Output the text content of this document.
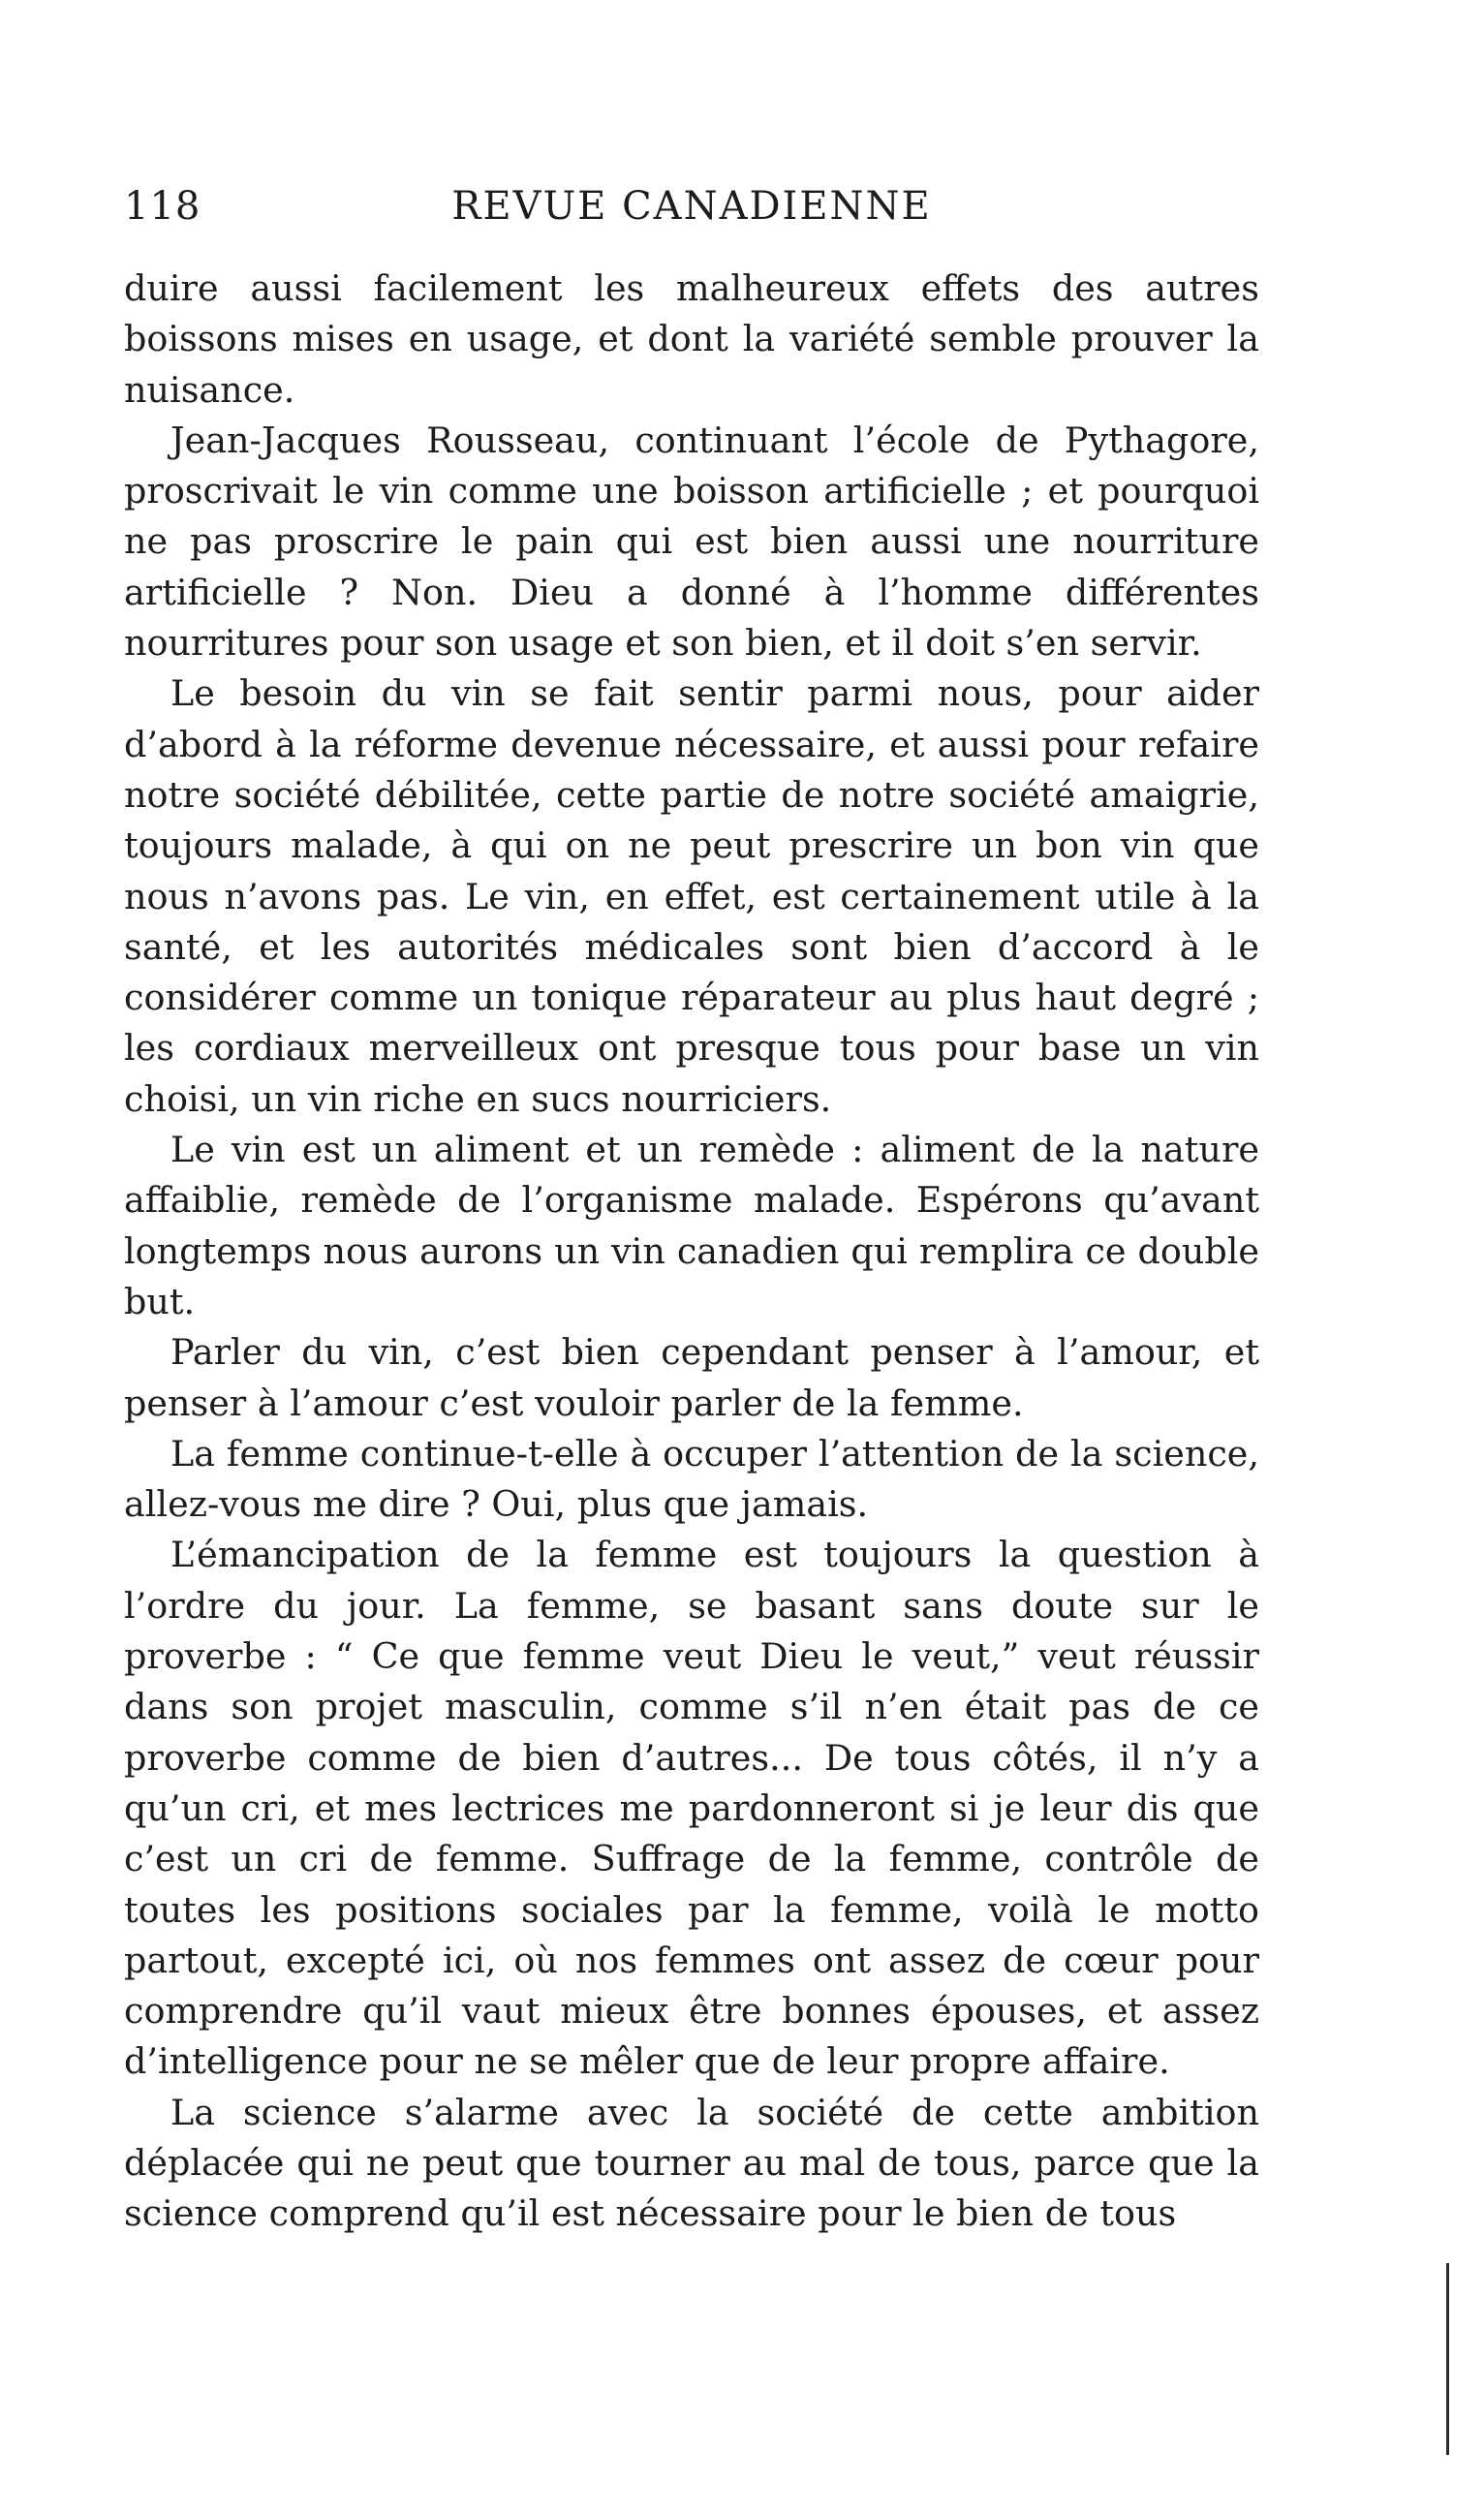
118	REVUE CANADIENNE

duire aussi facilement les malheureux effets des autres boissons mises en usage, et dont la variété semble prouver la nuisance.

Jean-Jacques Rousseau, continuant l’école de Pythagore, proscrivait le vin comme une boisson artificielle ; et pourquoi ne pas proscrire le pain qui est bien aussi une nourriture artificielle ? Non. Dieu a donné à l’homme différentes nourritures pour son usage et son bien, et il doit s’en servir.

Le besoin du vin se fait sentir parmi nous, pour aider d’abord à la réforme devenue nécessaire, et aussi pour refaire notre société débilitée, cette partie de notre société amaigrie, toujours malade, à qui on ne peut prescrire un bon vin que nous n’avons pas. Le vin, en effet, est certainement utile à la santé, et les autorités médicales sont bien d’accord à le considérer comme un tonique réparateur au plus haut degré ; les cordiaux merveilleux ont presque tous pour base un vin choisi, un vin riche en sucs nourriciers.

Le vin est un aliment et un remède : aliment de la nature affaiblie, remède de l’organisme malade. Espérons qu’avant longtemps nous aurons un vin canadien qui remplira ce double but.

Parler du vin, c’est bien cependant penser à l’amour, et penser à l’amour c’est vouloir parler de la femme.

La femme continue-t-elle à occuper l’attention de la science, allez-vous me dire ? Oui, plus que jamais.

L’émancipation de la femme est toujours la question à l’ordre du jour. La femme, se basant sans doute sur le proverbe : “ Ce que femme veut Dieu le veut,” veut réussir dans son projet masculin, comme s’il n’en était pas de ce proverbe comme de bien d’autres... De tous côtés, il n’y a qu’un cri, et mes lectrices me pardonneront si je leur dis que c’est un cri de femme. Suffrage de la femme, contrôle de toutes les positions sociales par la femme, voilà le motto partout, excepté ici, où nos femmes ont assez de cœur pour comprendre qu’il vaut mieux être bonnes épouses, et assez d’intelligence pour ne se mêler que de leur propre affaire.

La science s’alarme avec la société de cette ambition déplacée qui ne peut que tourner au mal de tous, parce que la science comprend qu’il est nécessaire pour le bien de tous
